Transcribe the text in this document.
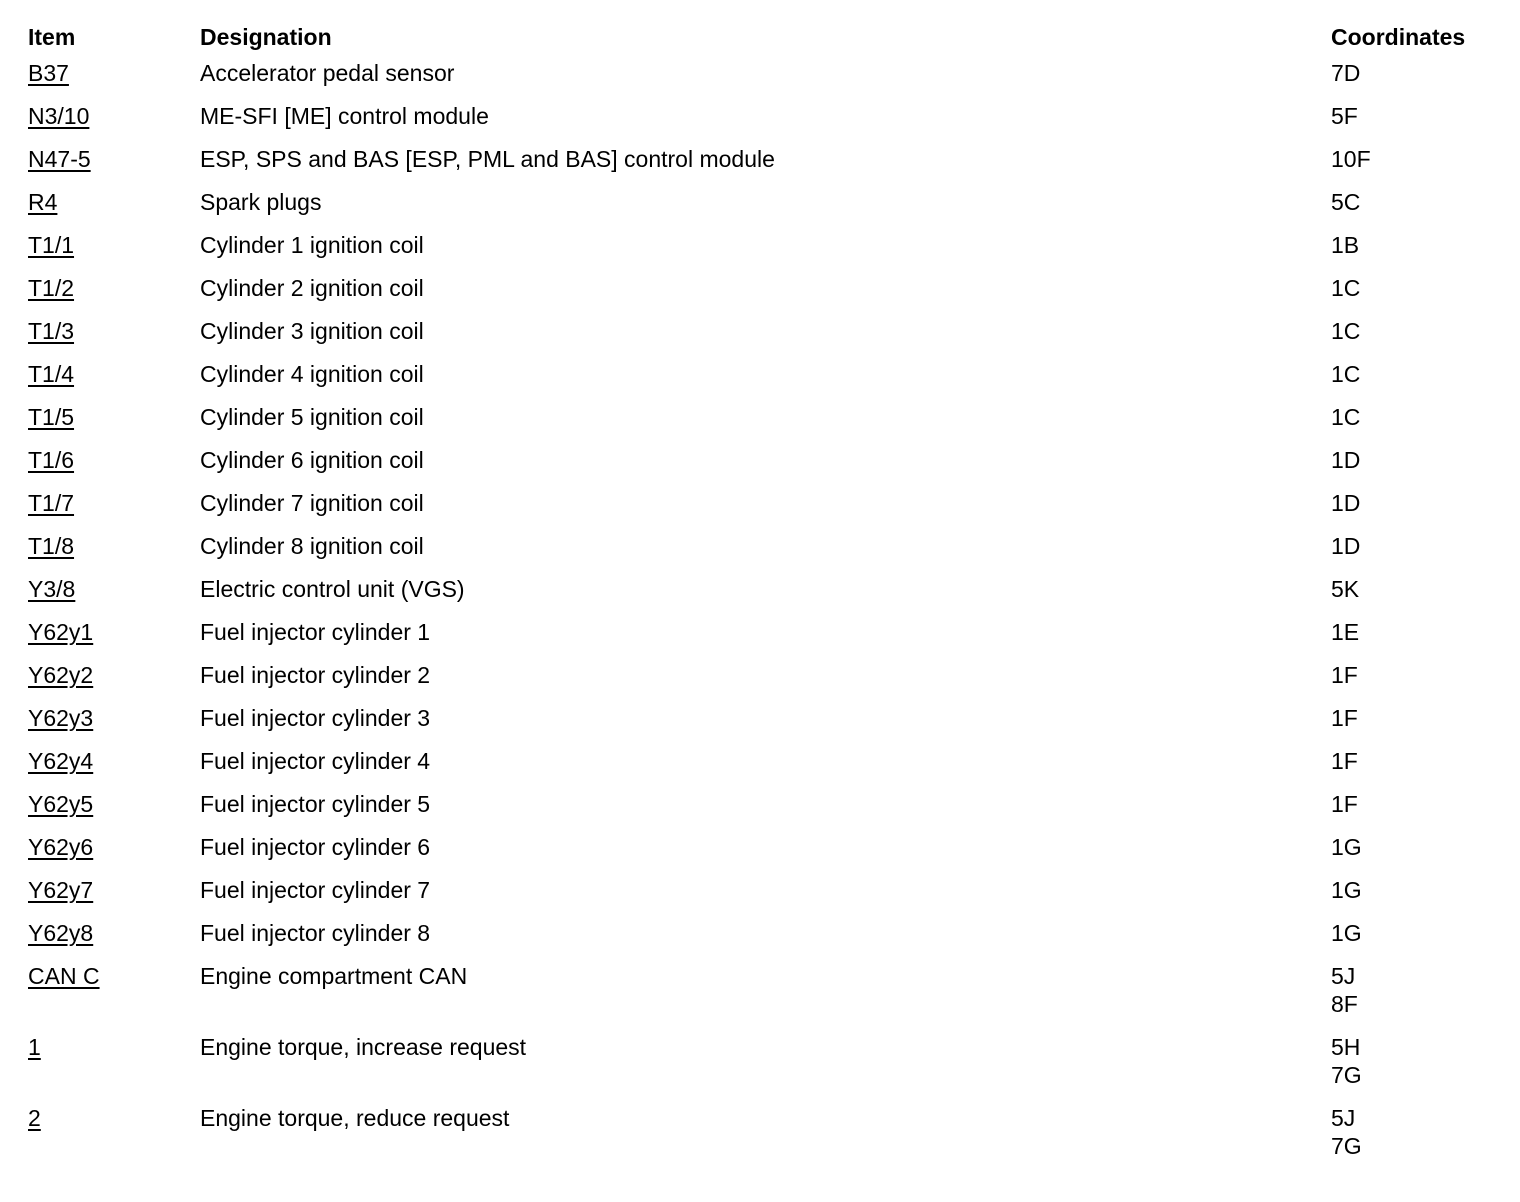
Item	Designation	Coordinates
B37	Accelerator pedal sensor	7D

N3/10	ME-SFI [ME] control module	5F

N47-5	ESP, SPS and BAS [ESP, PML and BAS] control module	10F

R4	Spark plugs	5C

T1/1	Cylinder 1 ignition coil	1B

T1/2	Cylinder 2 ignition coil	1C

T1/3	Cylinder 3 ignition coil	1C

T1/4	Cylinder 4 ignition coil	1C

T1/5	Cylinder 5 ignition coil	1C

T1/6	Cylinder 6 ignition coil	1D

T1/7	Cylinder 7 ignition coil	1D

T1/8	Cylinder 8 ignition coil	1D

Y3/8	Electric control unit (VGS)	5K

Y62y1	Fuel injector cylinder 1	1E

Y62y2	Fuel injector cylinder 2	1F

Y62y3	Fuel injector cylinder 3	1F

Y62y4	Fuel injector cylinder 4	1F

Y62y5	Fuel injector cylinder 5	1F

Y62y6	Fuel injector cylinder 6	1G

Y62y7	Fuel injector cylinder 7	1G

Y62y8	Fuel injector cylinder 8	1G

CAN C	Engine compartment CAN	5J
8F

1	Engine torque, increase request	5H
7G

2	Engine torque, reduce request	5J
7G
